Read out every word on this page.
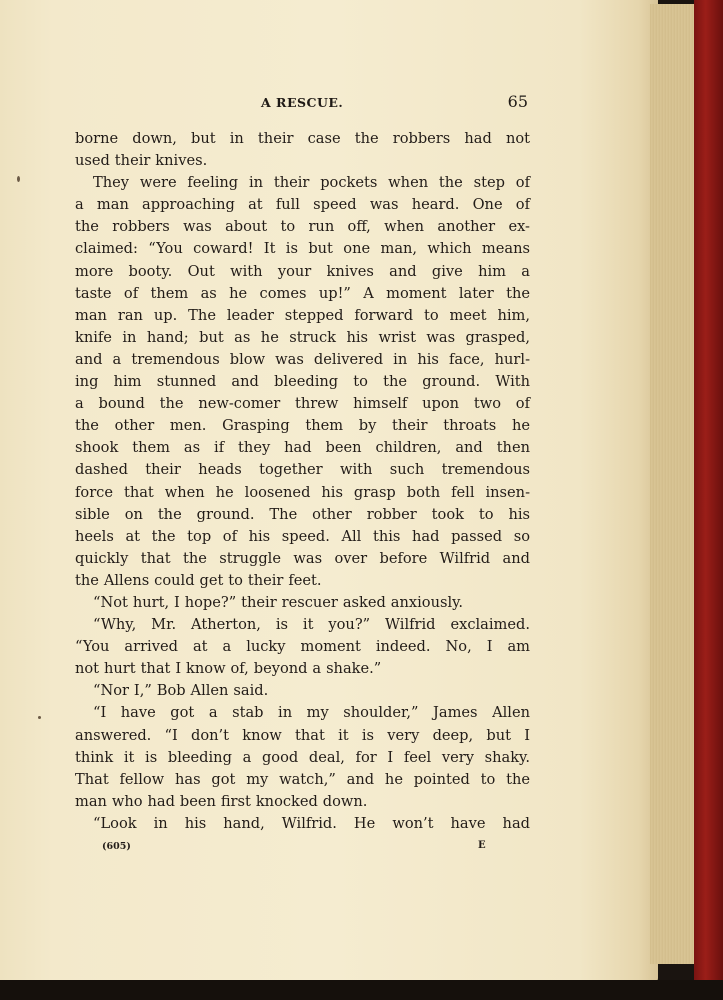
A RESCUE.	65
borne down, but in their case the robbers had not
used their knives.
They were feeling in their pockets when the step of
a man approaching at full speed was heard. One of
the robbers was about to run off, when another ex-
claimed: “You coward! It is but one man, which means
more booty. Out with your knives and give him a
taste of them as he comes up!” A moment later the
man ran up. The leader stepped forward to meet him,
knife in hand; but as he struck his wrist was grasped,
and a tremendous blow was delivered in his face, hurl-
ing him stunned and bleeding to the ground. With
a bound the new-comer threw himself upon two of
the other men. Grasping them by their throats he
shook them as if they had been children, and then
dashed their heads together with such tremendous
force that when he loosened his grasp both fell insen-
sible on the ground. The other robber took to his
heels at the top of his speed. All this had passed so
quickly that the struggle was over before Wilfrid and
the Allens could get to their feet.
“Not hurt, I hope?” their rescuer asked anxiously.
“Why, Mr. Atherton, is it you?” Wilfrid exclaimed.
“You arrived at a lucky moment indeed. No, I am
not hurt that I know of, beyond a shake.”
“Nor I,” Bob Allen said.
“I have got a stab in my shoulder,” James Allen
answered. “I don’t know that it is very deep, but I
think it is bleeding a good deal, for I feel very shaky.
That fellow has got my watch,” and he pointed to the
man who had been first knocked down.
“Look in his hand, Wilfrid. He won’t have had
(605)	E
